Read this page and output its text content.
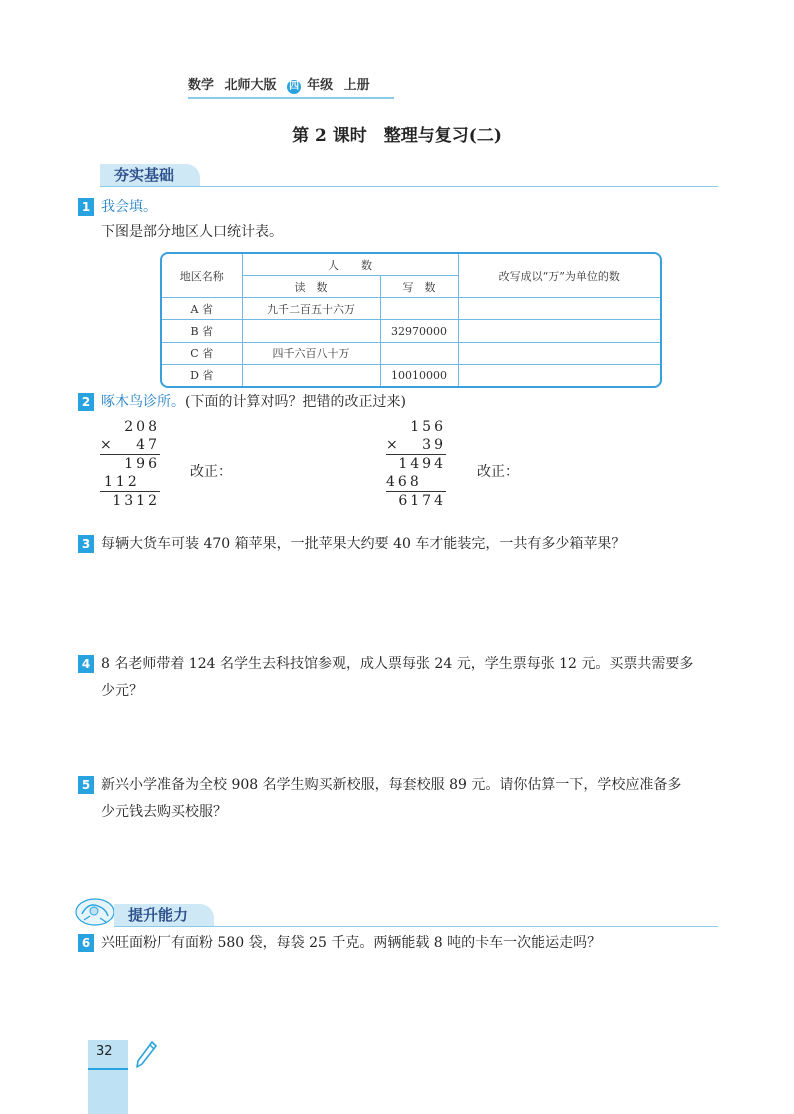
数学 北师大版 四 年级 上册
第 2 课时　整理与复习(二)
夯实基础
1 我会填。
下图是部分地区人口统计表。
地区名称	人　　数		改写成以“万”为单位的数
	读　数	写　数	
A 省	九千二百五十六万		
B 省		32970000	
C 省	四千六百八十万		
D 省		10010000	
2 啄木鸟诊所。(下面的计算对吗？把错的改正过来)
208
× 47
196
112
1312
改正：
156
× 39
1494
468
6174
改正：
3 每辆大货车可装 470 箱苹果，一批苹果大约要 40 车才能装完，一共有多少箱苹果？
4 8 名老师带着 124 名学生去科技馆参观，成人票每张 24 元，学生票每张 12 元。买票共需要多
少元？
5 新兴小学准备为全校 908 名学生购买新校服，每套校服 89 元。请你估算一下，学校应准备多
少元钱去购买校服？
提升能力
6 兴旺面粉厂有面粉 580 袋，每袋 25 千克。两辆能载 8 吨的卡车一次能运走吗？
32
